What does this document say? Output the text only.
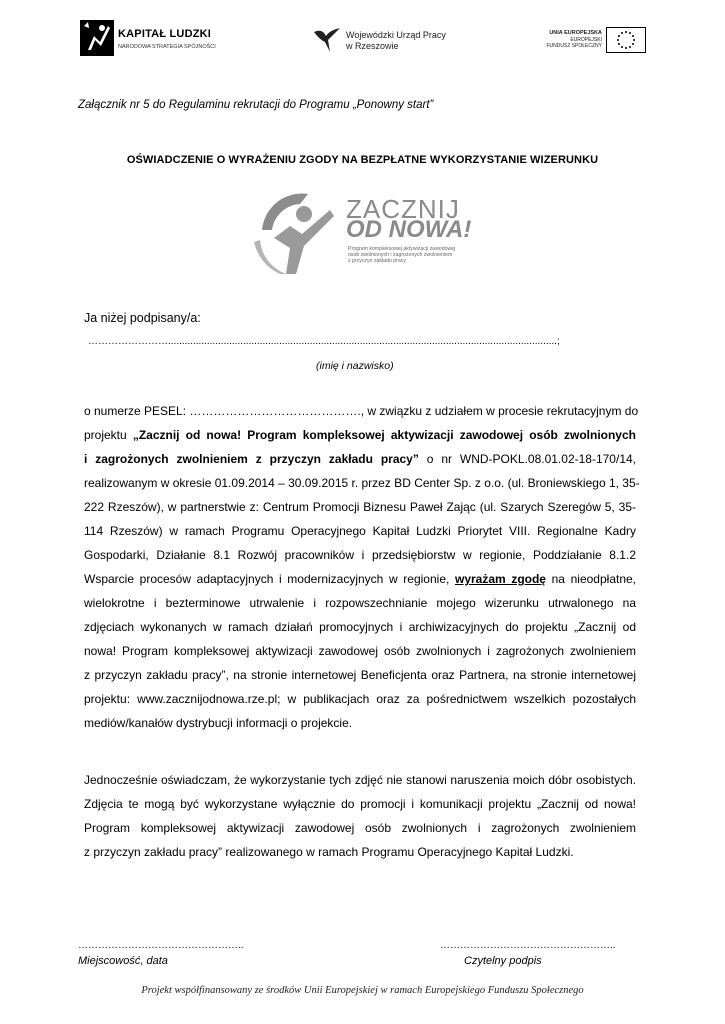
KAPITAŁ LUDZKI
NARODOWA STRATEGIA SPÓJNOŚCI
Wojewódzki Urząd Pracy
w Rzeszowie
UNIA EUROPEJSKA
EUROPEJSKI
FUNDUSZ SPOŁECZNY
Załącznik nr 5 do Regulaminu rekrutacji do Programu „Ponowny start”
OŚWIADCZENIE O WYRAŻENIU ZGODY NA BEZPŁATNE WYKORZYSTANIE WIZERUNKU
ZACZNIJ
OD NOWA!
Program kompleksowej aktywizacji zawodowej
osób zwolnionych i zagrożonych zwolnieniem
z przyczyn zakładu pracy
Ja niżej podpisany/a:
……………………............................................................................................................................................;
(imię i nazwisko)
o numerze PESEL: ……………………………………., w związku z udziałem w procesie rekrutacyjnym do
projektu „Zacznij od nowa! Program kompleksowej aktywizacji zawodowej osób zwolnionych
i zagrożonych zwolnieniem z przyczyn zakładu pracy” o nr WND-POKL.08.01.02-18-170/14,
realizowanym w okresie 01.09.2014 – 30.09.2015 r. przez BD Center Sp. z o.o. (ul. Broniewskiego 1, 35-
222 Rzeszów), w partnerstwie z: Centrum Promocji Biznesu Paweł Zając (ul. Szarych Szeregów 5, 35-
114 Rzeszów) w ramach Programu Operacyjnego Kapitał Ludzki Priorytet VIII. Regionalne Kadry
Gospodarki, Działanie 8.1 Rozwój pracowników i przedsiębiorstw w regionie, Poddziałanie 8.1.2
Wsparcie procesów adaptacyjnych i modernizacyjnych w regionie, wyrażam zgodę na nieodpłatne,
wielokrotne i bezterminowe utrwalenie i rozpowszechnianie mojego wizerunku utrwalonego na
zdjęciach wykonanych w ramach działań promocyjnych i archiwizacyjnych do projektu „Zacznij od
nowa! Program kompleksowej aktywizacji zawodowej osób zwolnionych i zagrożonych zwolnieniem
z przyczyn zakładu pracy”, na stronie internetowej Beneficjenta oraz Partnera, na stronie internetowej
projektu: www.zacznijodnowa.rze.pl; w publikacjach oraz za pośrednictwem wszelkich pozostałych
mediów/kanałów dystrybucji informacji o projekcie.
Jednocześnie oświadczam, że wykorzystanie tych zdjęć nie stanowi naruszenia moich dóbr osobistych.
Zdjęcia te mogą być wykorzystane wyłącznie do promocji i komunikacji projektu „Zacznij od nowa!
Program kompleksowej aktywizacji zawodowej osób zwolnionych i zagrożonych zwolnieniem
z przyczyn zakładu pracy” realizowanego w ramach Programu Operacyjnego Kapitał Ludzki.
…………………………………………..	……………………………………………..
Miejscowość, data	Czytelny podpis
Projekt współfinansowany ze środków Unii Europejskiej w ramach Europejskiego Funduszu Społecznego
